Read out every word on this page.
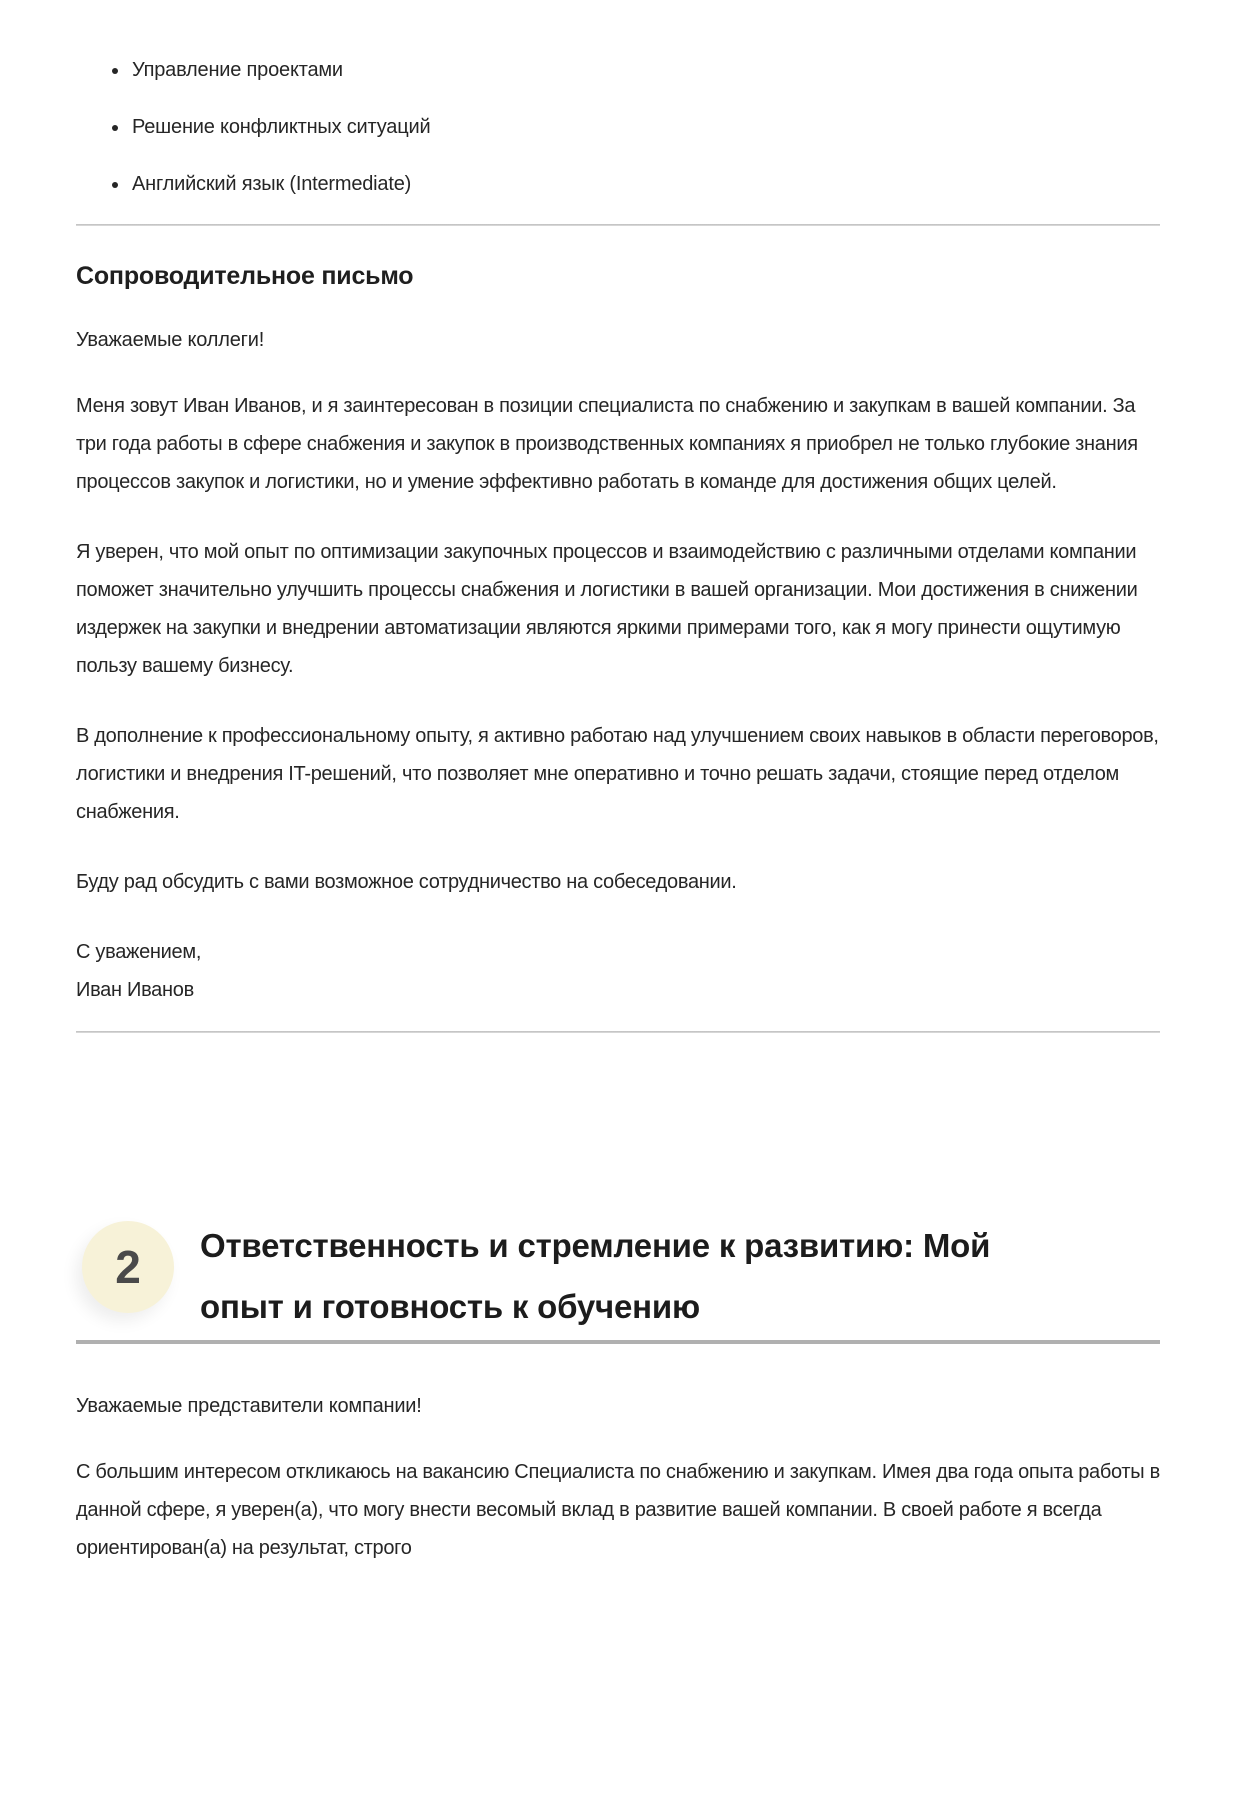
• Управление проектами
• Решение конфликтных ситуаций
• Английский язык (Intermediate)
Сопроводительное письмо

Уважаемые коллеги!

Меня зовут Иван Иванов, и я заинтересован в позиции специалиста по снабжению и закупкам в вашей компании. За три года работы в сфере снабжения и закупок в производственных компаниях я приобрел не только глубокие знания процессов закупок и логистики, но и умение эффективно работать в команде для достижения общих целей.

Я уверен, что мой опыт по оптимизации закупочных процессов и взаимодействию с различными отделами компании поможет значительно улучшить процессы снабжения и логистики в вашей организации. Мои достижения в снижении издержек на закупки и внедрении автоматизации являются яркими примерами того, как я могу принести ощутимую пользу вашему бизнесу.

В дополнение к профессиональному опыту, я активно работаю над улучшением своих навыков в области переговоров, логистики и внедрения IT-решений, что позволяет мне оперативно и точно решать задачи, стоящие перед отделом снабжения.

Буду рад обсудить с вами возможное сотрудничество на собеседовании.

С уважением,
Иван Иванов

2 Ответственность и стремление к развитию: Мой опыт и готовность к обучению

Уважаемые представители компании!

С большим интересом откликаюсь на вакансию Специалиста по снабжению и закупкам. Имея два года опыта работы в данной сфере, я уверен(а), что могу внести весомый вклад в развитие вашей компании. В своей работе я всегда ориентирован(а) на результат, строго
